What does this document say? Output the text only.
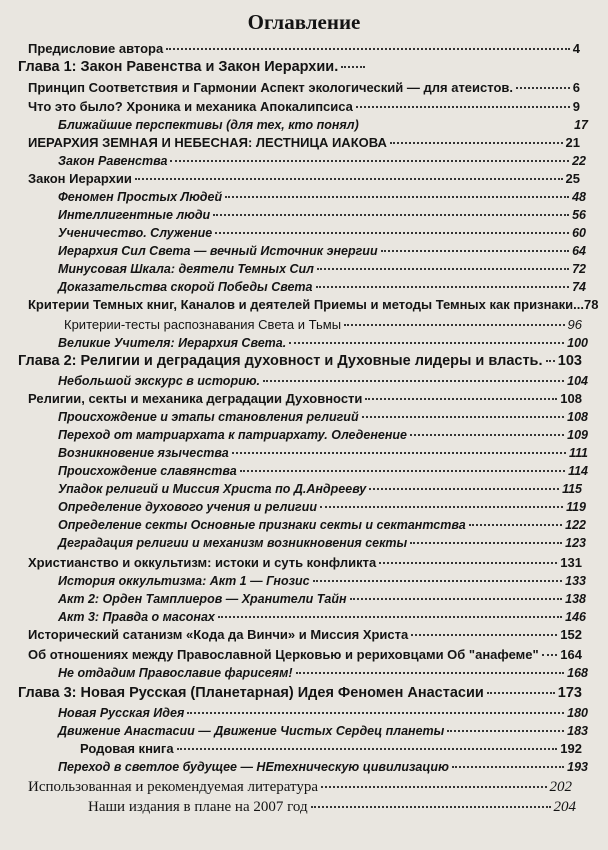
Оглавление
Предисловие автора	4
Глава 1: Закон Равенства и Закон Иерархии.
Принцип Соответствия и Гармонии Аспект экологический — для атеистов.	6
Что это было? Хроника и механика Апокалипсиса	9
Ближайшие перспективы (для тех, кто понял)	17
ИЕРАРХИЯ ЗЕМНАЯ И НЕБЕСНАЯ: ЛЕСТНИЦА ИАКОВА	21
Закон Равенства	22
Закон Иерархии	25
Феномен Простых Людей	48
Интеллигентные люди	56
Ученичество. Служение	60
Иерархия Сил Света — вечный Источник энергии	64
Минусовая Шкала: деятели Темных Сил	72
Доказательства скорой Победы Света	74
Критерии Темных книг, Каналов и деятелей Приемы и методы Темных как признаки...78
Критерии-тесты распознавания Света и Тьмы	96
Великие Учителя: Иерархия Света.	100
Глава 2: Религии и деградация духовност и Духовные лидеры и власть. 103
Небольшой экскурс в историю.	104
Религии, секты и механика деградации Духовности	108
Происхождение и этапы становления религий	108
Переход от матриархата к патриархату. Оледенение	109
Возникновение язычества	111
Происхождение славянства	114
Упадок религий и Миссия Христа по Д.Андрееву	115
Определение духового учения и религии	119
Определение секты Основные признаки секты и сектантства	122
Деградация религии и механизм возникновения секты	123
Христианство и оккультизм: истоки и суть конфликта	131
История оккультизма: Акт 1 — Гнозис	133
Акт 2: Орден Тамплиеров — Хранители Тайн	138
Акт 3: Правда о масонах	146
Исторический сатанизм «Кода да Винчи» и Миссия Христа	152
Об отношениях между Православной Церковью и рериховцами Об "анафеме" 164
Не отдадим Православие фарисеям!	168
Глава 3: Новая Русская (Планетарная) Идея Феномен Анастасии	173
Новая Русская Идея	180
Движение Анастасии — Движение Чистых Сердец планеты	183
Родовая книга	192
Переход в светлое будущее — НЕтехническую цивилизацию	193
Использованная и рекомендуемая литература	202
Наши издания в плане на 2007 год	204
